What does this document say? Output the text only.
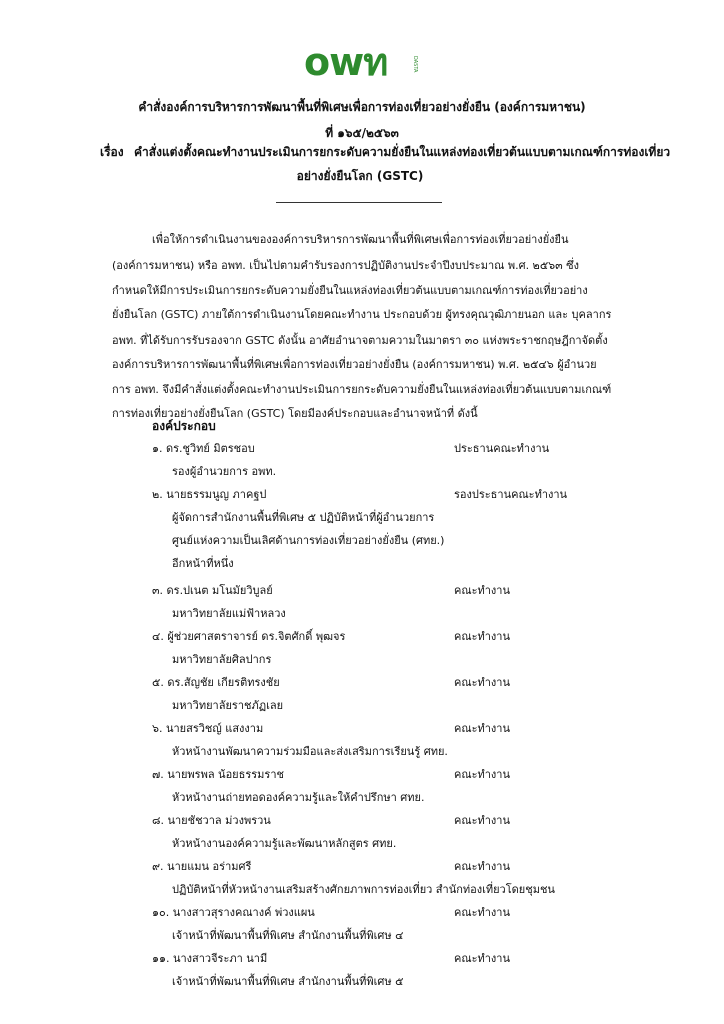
owท	DASTA
คำสั่งองค์การบริหารการพัฒนาพื้นที่พิเศษเพื่อการท่องเที่ยวอย่างยั่งยืน (องค์การมหาชน)
ที่ ๑๖๕/๒๕๖๓
เรื่อง คำสั่งแต่งตั้งคณะทำงานประเมินการยกระดับความยั่งยืนในแหล่งท่องเที่ยวต้นแบบตามเกณฑ์การท่องเที่ยว
อย่างยั่งยืนโลก (GSTC)
เพื่อให้การดำเนินงานขององค์การบริหารการพัฒนาพื้นที่พิเศษเพื่อการท่องเที่ยวอย่างยั่งยืน
(องค์การมหาชน) หรือ อพท. เป็นไปตามคำรับรองการปฏิบัติงานประจำปีงบประมาณ พ.ศ. ๒๕๖๓ ซึ่ง
กำหนดให้มีการประเมินการยกระดับความยั่งยืนในแหล่งท่องเที่ยวต้นแบบตามเกณฑ์การท่องเที่ยวอย่าง
ยั่งยืนโลก (GSTC) ภายใต้การดำเนินงานโดยคณะทำงาน ประกอบด้วย ผู้ทรงคุณวุฒิภายนอก และ บุคลากร
อพท. ที่ได้รับการรับรองจาก GSTC ดังนั้น อาศัยอำนาจตามความในมาตรา ๓๐ แห่งพระราชกฤษฎีกาจัดตั้ง
องค์การบริหารการพัฒนาพื้นที่พิเศษเพื่อการท่องเที่ยวอย่างยั่งยืน (องค์การมหาชน) พ.ศ. ๒๕๔๖ ผู้อำนวย
การ อพท. จึงมีคำสั่งแต่งตั้งคณะทำงานประเมินการยกระดับความยั่งยืนในแหล่งท่องเที่ยวต้นแบบตามเกณฑ์
การท่องเที่ยวอย่างยั่งยืนโลก (GSTC) โดยมีองค์ประกอบและอำนาจหน้าที่ ดังนี้
องค์ประกอบ
๑. ดร.ชูวิทย์ มิตรชอบ	ประธานคณะทำงาน
รองผู้อำนวยการ อพท.
๒. นายธรรมนูญ ภาคฐป	รองประธานคณะทำงาน
ผู้จัดการสำนักงานพื้นที่พิเศษ ๕ ปฏิบัติหน้าที่ผู้อำนวยการ
ศูนย์แห่งความเป็นเลิศด้านการท่องเที่ยวอย่างยั่งยืน (ศทย.)
อีกหน้าที่หนึ่ง
๓. ดร.ปเนต มโนมัยวิบูลย์	คณะทำงาน
มหาวิทยาลัยแม่ฟ้าหลวง
๔. ผู้ช่วยศาสตราจารย์ ดร.จิตศักดิ์ พุฒจร	คณะทำงาน
มหาวิทยาลัยศิลปากร
๕. ดร.สัญชัย เกียรติทรงชัย	คณะทำงาน
มหาวิทยาลัยราชภัฏเลย
๖. นายสรวิชญ์ แสงงาม	คณะทำงาน
หัวหน้างานพัฒนาความร่วมมือและส่งเสริมการเรียนรู้ ศทย.
๗. นายพรพล น้อยธรรมราช	คณะทำงาน
หัวหน้างานถ่ายทอดองค์ความรู้และให้คำปรึกษา ศทย.
๘. นายชัชวาล ม่วงพรวน	คณะทำงาน
หัวหน้างานองค์ความรู้และพัฒนาหลักสูตร ศทย.
๙. นายแมน อร่ามศรี	คณะทำงาน
ปฏิบัติหน้าที่หัวหน้างานเสริมสร้างศักยภาพการท่องเที่ยว สำนักท่องเที่ยวโดยชุมชน
๑๐. นางสาวสุรางคณางค์ พ่วงแผน	คณะทำงาน
เจ้าหน้าที่พัฒนาพื้นที่พิเศษ สำนักงานพื้นที่พิเศษ ๔
๑๑. นางสาวจีระภา นามี	คณะทำงาน
เจ้าหน้าที่พัฒนาพื้นที่พิเศษ สำนักงานพื้นที่พิเศษ ๕
